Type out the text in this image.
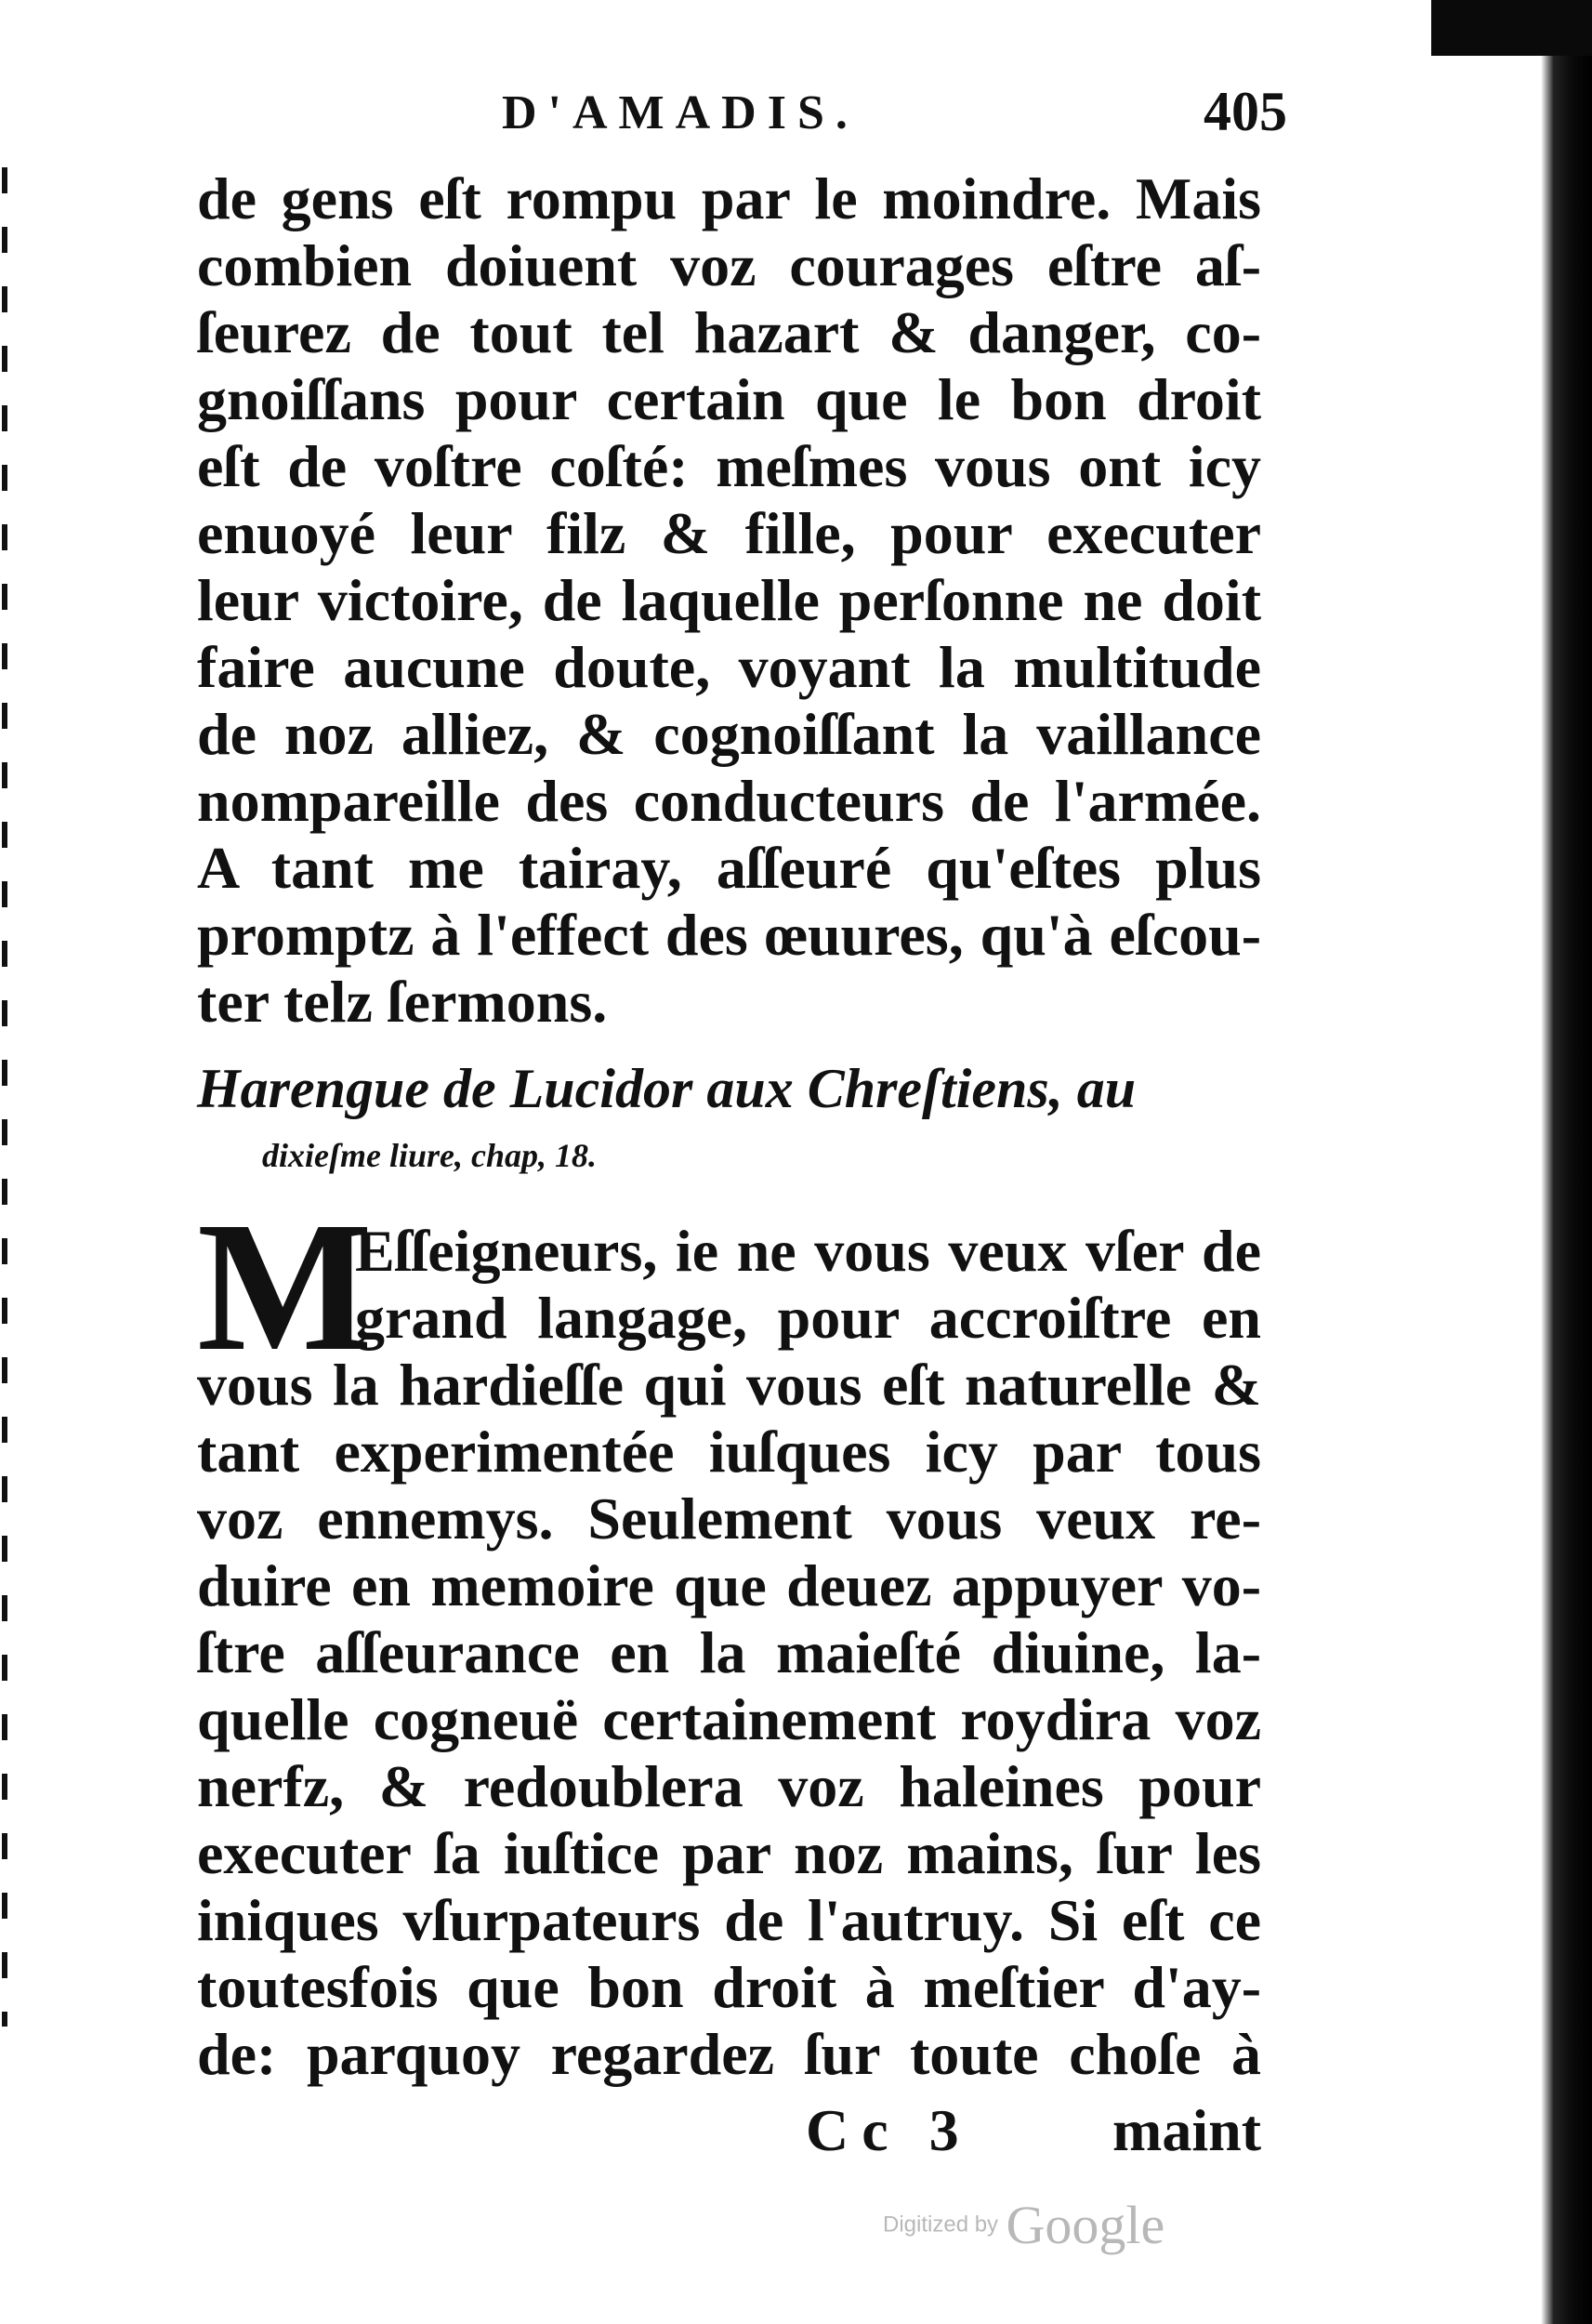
D'AMADIS.	405
de gens eſt rompu par le moindre. Mais
combien doiuent voz courages eſtre aſ-
ſeurez de tout tel hazart & danger, co-
gnoiſſans pour certain que le bon droit
eſt de voſtre coſté: meſmes vous ont icy
enuoyé leur filz & fille, pour executer
leur victoire, de laquelle perſonne ne doit
faire aucune doute, voyant la multitude
de noz alliez, & cognoiſſant la vaillance
nompareille des conducteurs de l'armée.
A tant me tairay, aſſeuré qu'eſtes plus
promptz à l'effect des œuures, qu'à eſcou-
ter telz ſermons.
Harengue de Lucidor aux Chreſtiens, au
dixieſme liure, chap, 18.
M
Eſſeigneurs, ie ne vous veux vſer de
grand langage, pour accroiſtre en
vous la hardieſſe qui vous eſt naturelle &
tant experimentée iuſques icy par tous
voz ennemys. Seulement vous veux re-
duire en memoire que deuez appuyer vo-
ſtre aſſeurance en la maieſté diuine, la-
quelle cogneuë certainement roydira voz
nerfz, & redoublera voz haleines pour
executer ſa iuſtice par noz mains, ſur les
iniques vſurpateurs de l'autruy. Si eſt ce
toutesfois que bon droit à meſtier d'ay-
de: parquoy regardez ſur toute choſe à
Cc 3 maint
Digitized by Google
